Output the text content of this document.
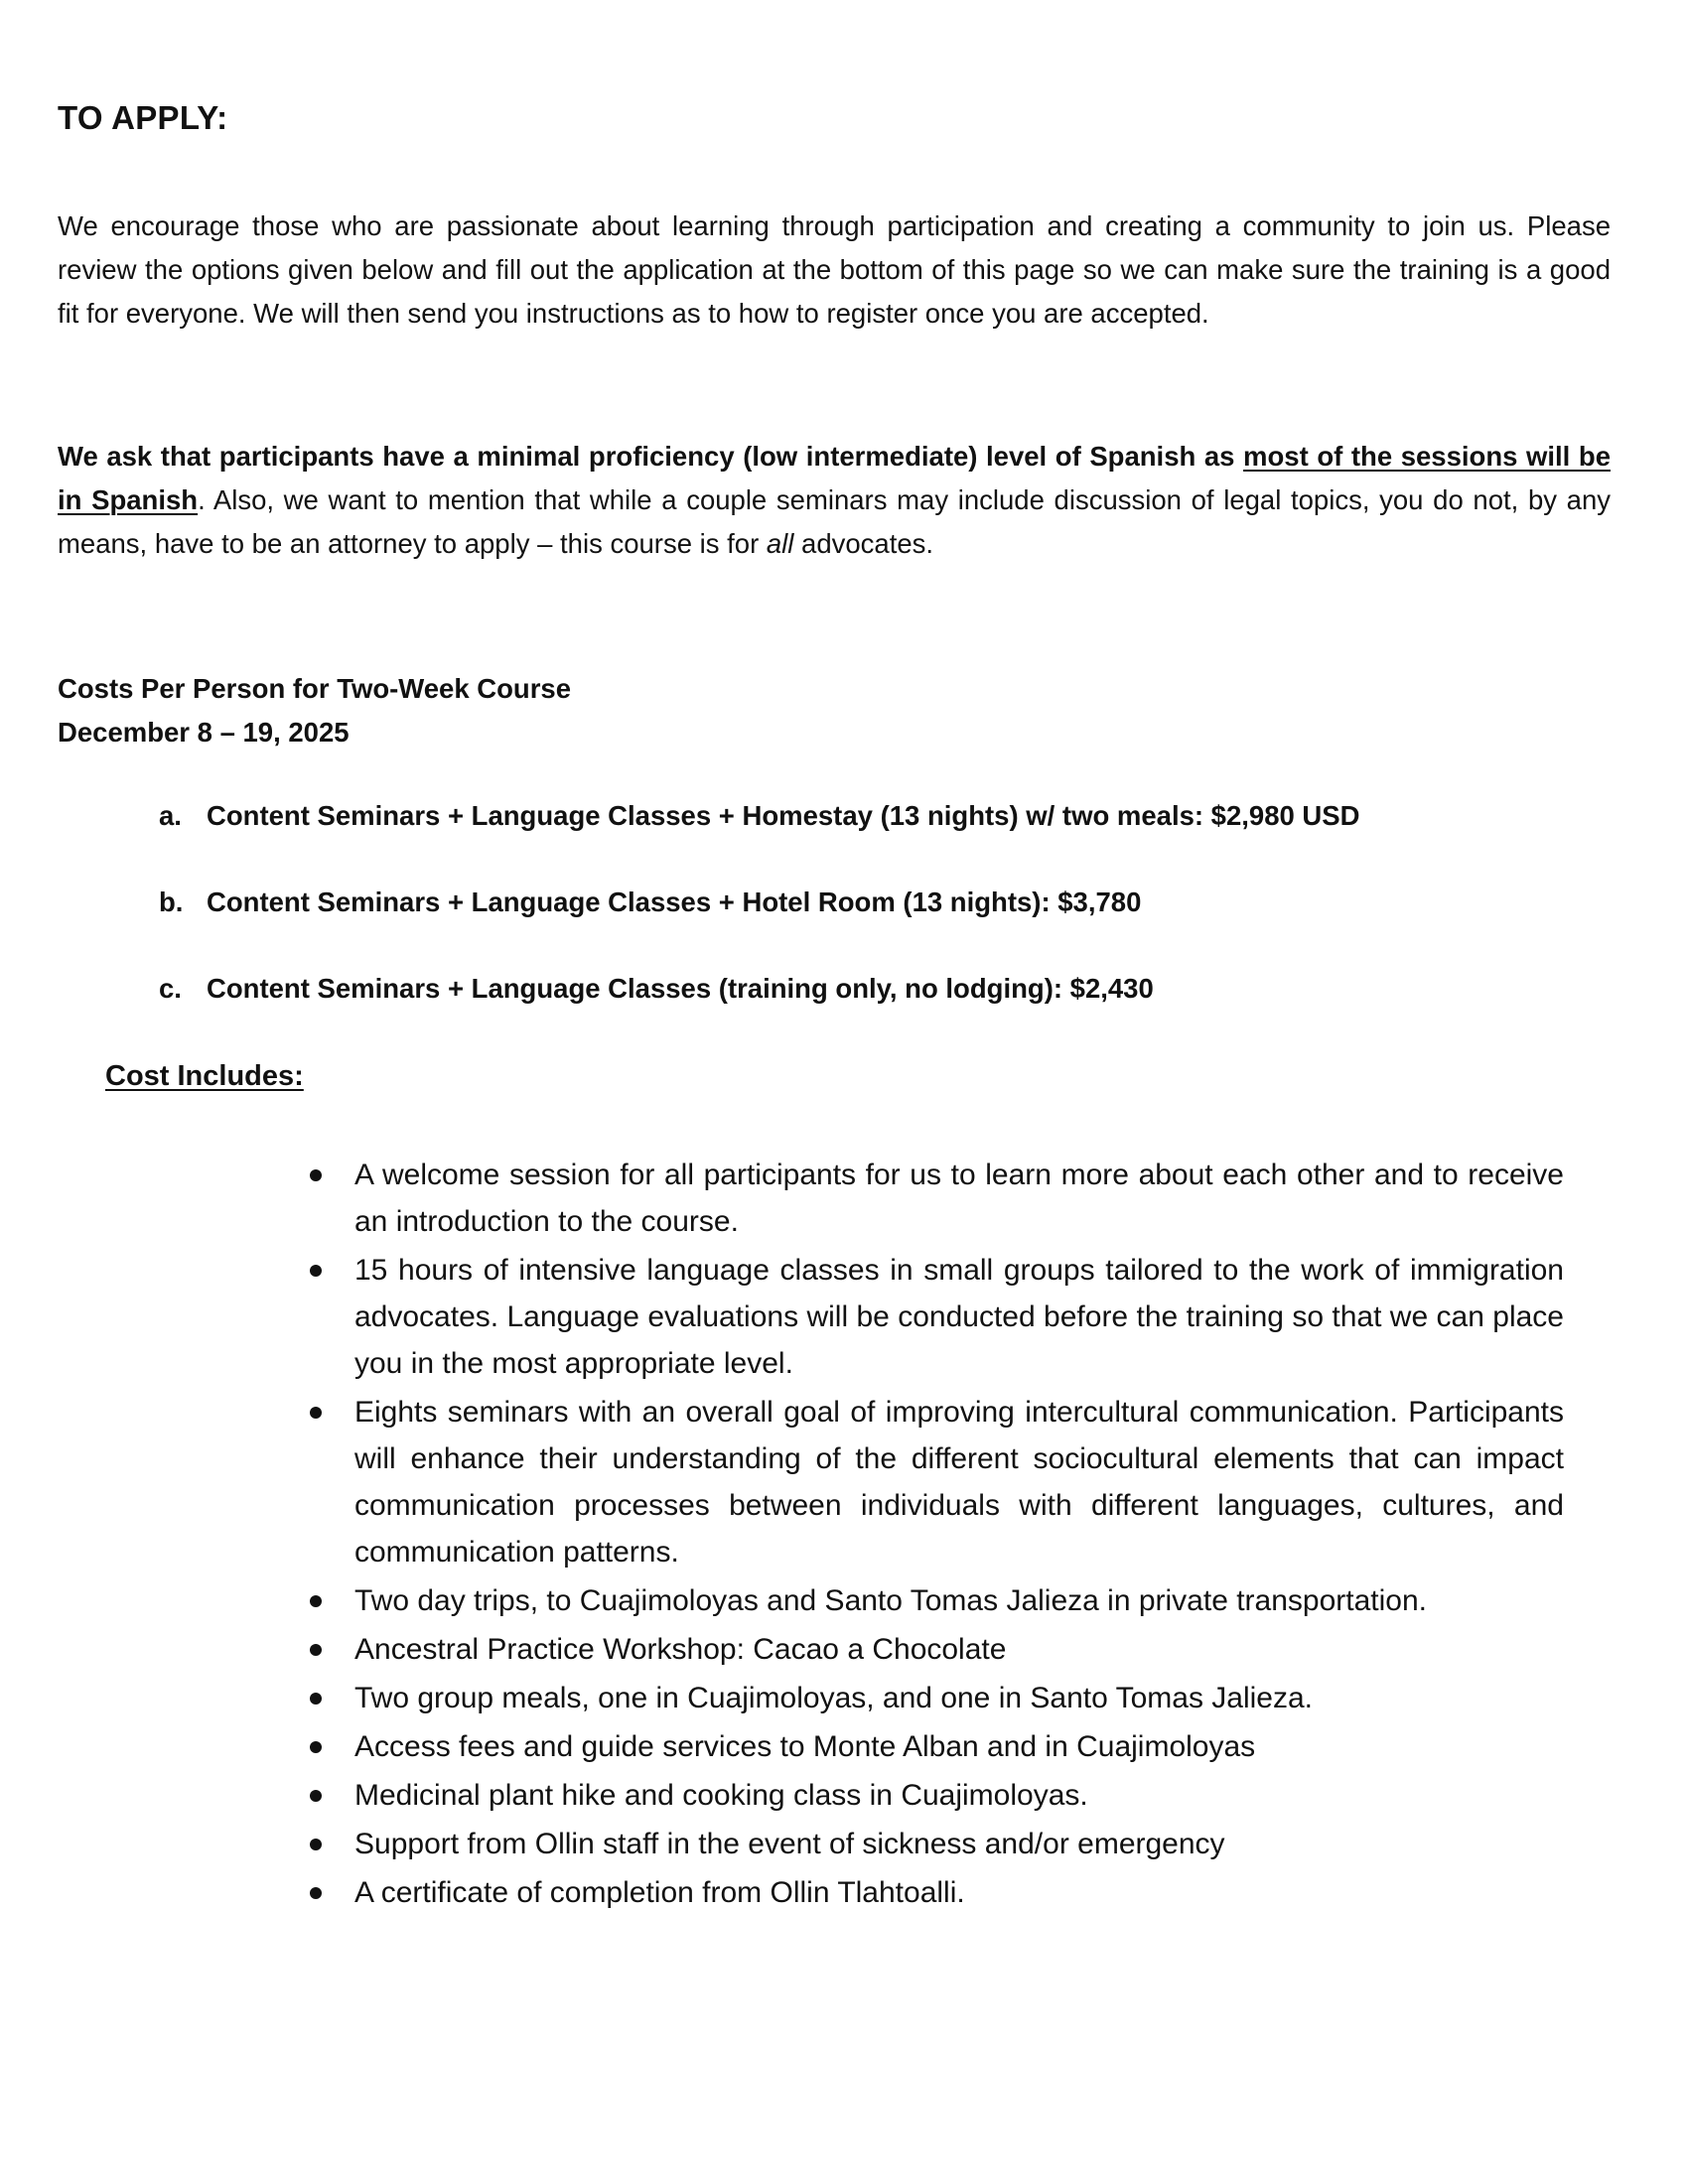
TO APPLY:
We encourage those who are passionate about learning through participation and creating a community to join us. Please review the options given below and fill out the application at the bottom of this page so we can make sure the training is a good fit for everyone. We will then send you instructions as to how to register once you are accepted.
We ask that participants have a minimal proficiency (low intermediate) level of Spanish as most of the sessions will be in Spanish. Also, we want to mention that while a couple seminars may include discussion of legal topics, you do not, by any means, have to be an attorney to apply – this course is for all advocates.
Costs Per Person for Two-Week Course
December 8 – 19, 2025
a. Content Seminars + Language Classes + Homestay (13 nights) w/ two meals: $2,980 USD
b. Content Seminars + Language Classes + Hotel Room (13 nights): $3,780
c. Content Seminars + Language Classes (training only, no lodging): $2,430
Cost Includes:
A welcome session for all participants for us to learn more about each other and to receive an introduction to the course.
15 hours of intensive language classes in small groups tailored to the work of immigration advocates. Language evaluations will be conducted before the training so that we can place you in the most appropriate level.
Eights seminars with an overall goal of improving intercultural communication. Participants will enhance their understanding of the different sociocultural elements that can impact communication processes between individuals with different languages, cultures, and communication patterns.
Two day trips, to Cuajimoloyas and Santo Tomas Jalieza in private transportation.
Ancestral Practice Workshop: Cacao a Chocolate
Two group meals, one in Cuajimoloyas, and one in Santo Tomas Jalieza.
Access fees and guide services to Monte Alban and in Cuajimoloyas
Medicinal plant hike and cooking class in Cuajimoloyas.
Support from Ollin staff in the event of sickness and/or emergency
A certificate of completion from Ollin Tlahtoalli.
